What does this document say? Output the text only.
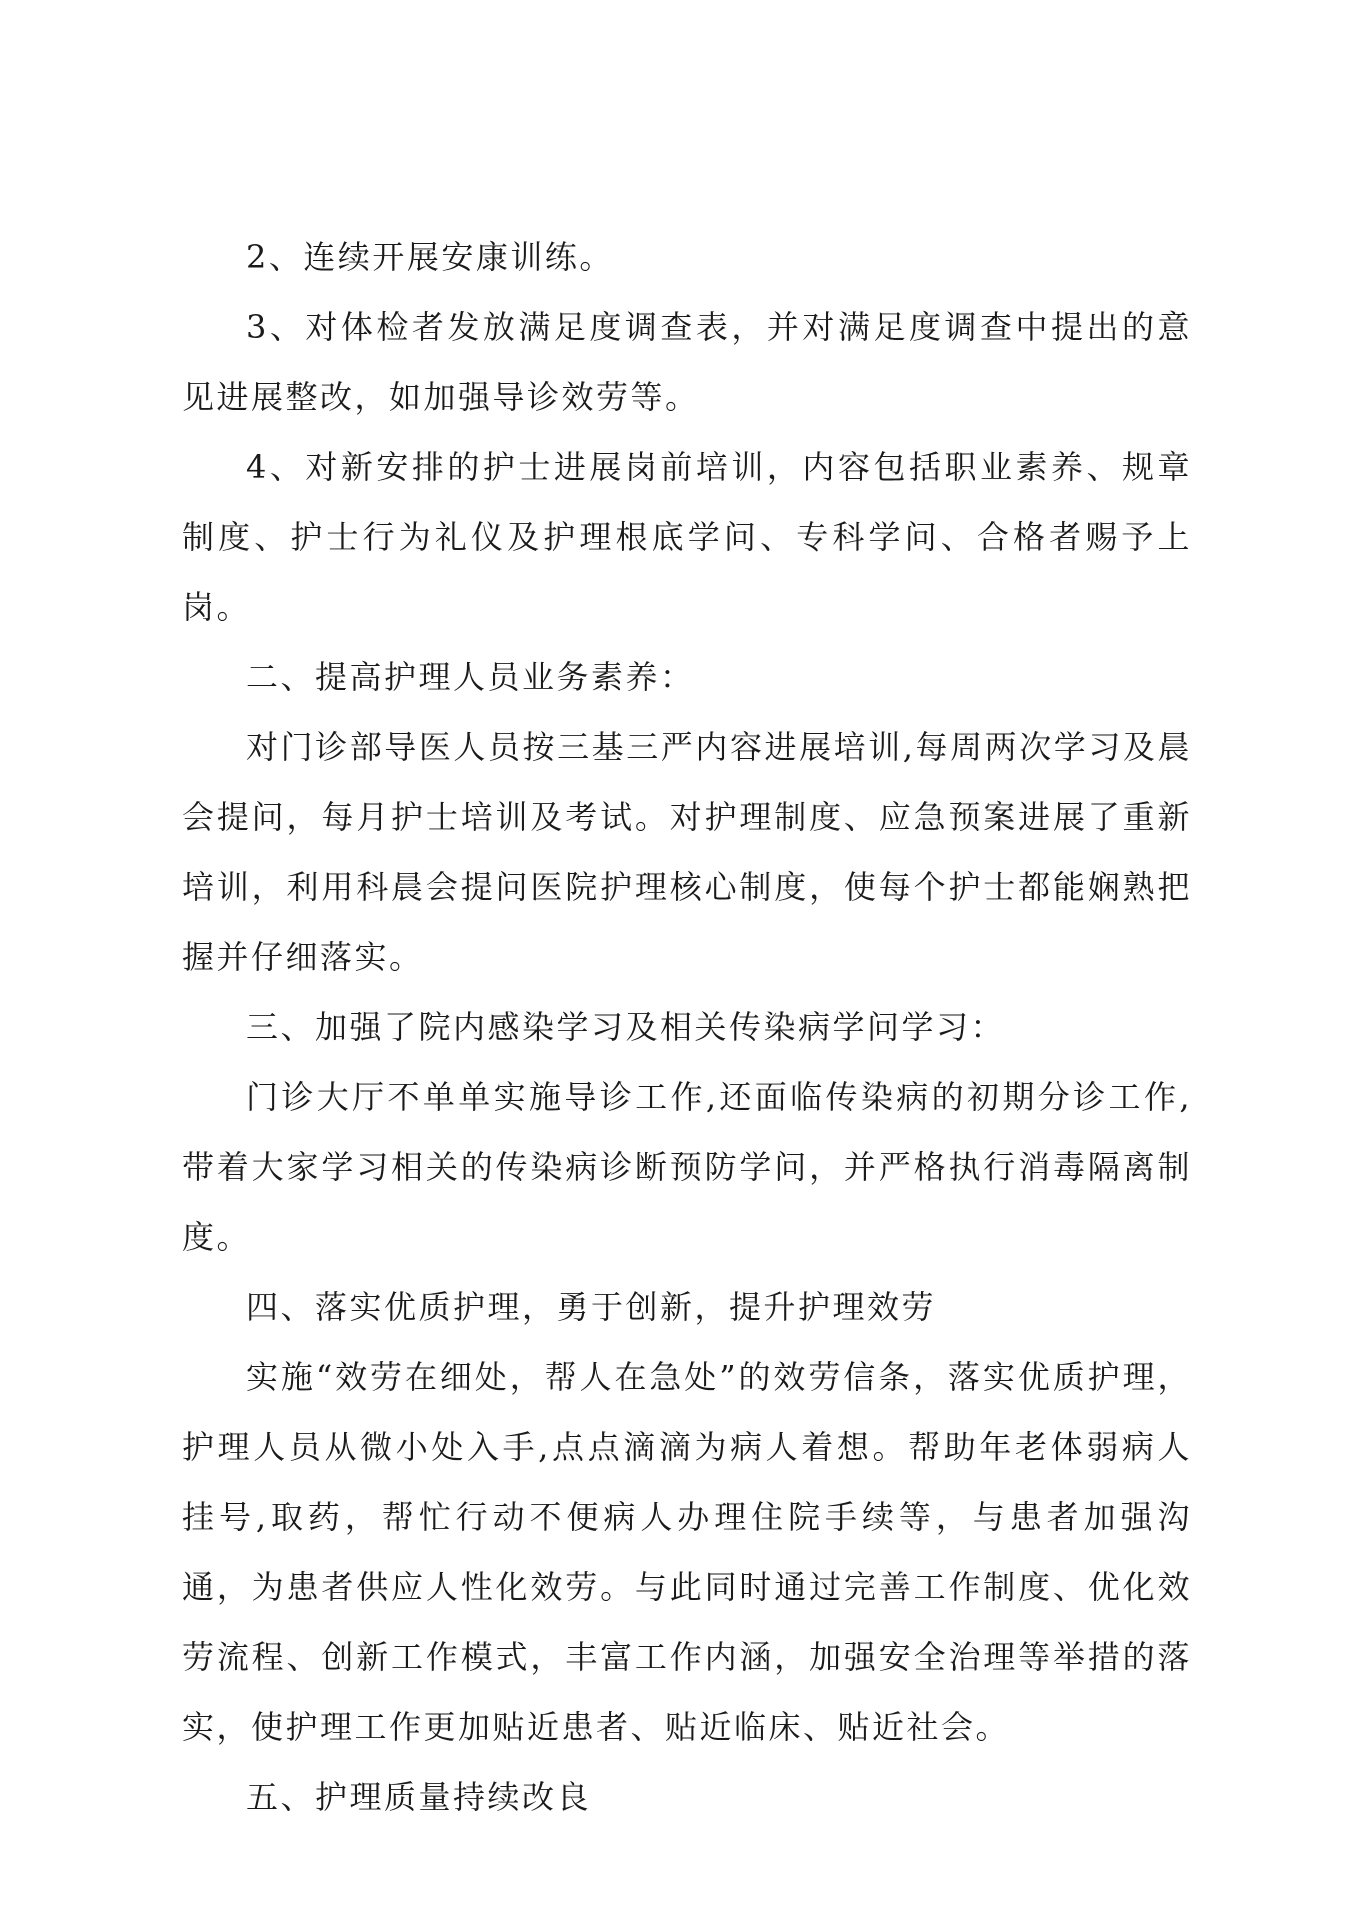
2、连续开展安康训练。

3、对体检者发放满足度调查表，并对满足度调查中提出的意见进展整改，如加强导诊效劳等。

4、对新安排的护士进展岗前培训，内容包括职业素养、规章制度、护士行为礼仪及护理根底学问、专科学问、合格者赐予上岗。

二、提高护理人员业务素养：

对门诊部导医人员按三基三严内容进展培训,每周两次学习及晨会提问，每月护士培训及考试。对护理制度、应急预案进展了重新培训，利用科晨会提问医院护理核心制度，使每个护士都能娴熟把握并仔细落实。

三、加强了院内感染学习及相关传染病学问学习：

门诊大厅不单单实施导诊工作,还面临传染病的初期分诊工作,带着大家学习相关的传染病诊断预防学问，并严格执行消毒隔离制度。

四、落实优质护理，勇于创新，提升护理效劳

实施“效劳在细处，帮人在急处”的效劳信条，落实优质护理，护理人员从微小处入手,点点滴滴为病人着想。帮助年老体弱病人挂号,取药，帮忙行动不便病人办理住院手续等，与患者加强沟通，为患者供应人性化效劳。与此同时通过完善工作制度、优化效劳流程、创新工作模式，丰富工作内涵，加强安全治理等举措的落实，使护理工作更加贴近患者、贴近临床、贴近社会。

五、护理质量持续改良
